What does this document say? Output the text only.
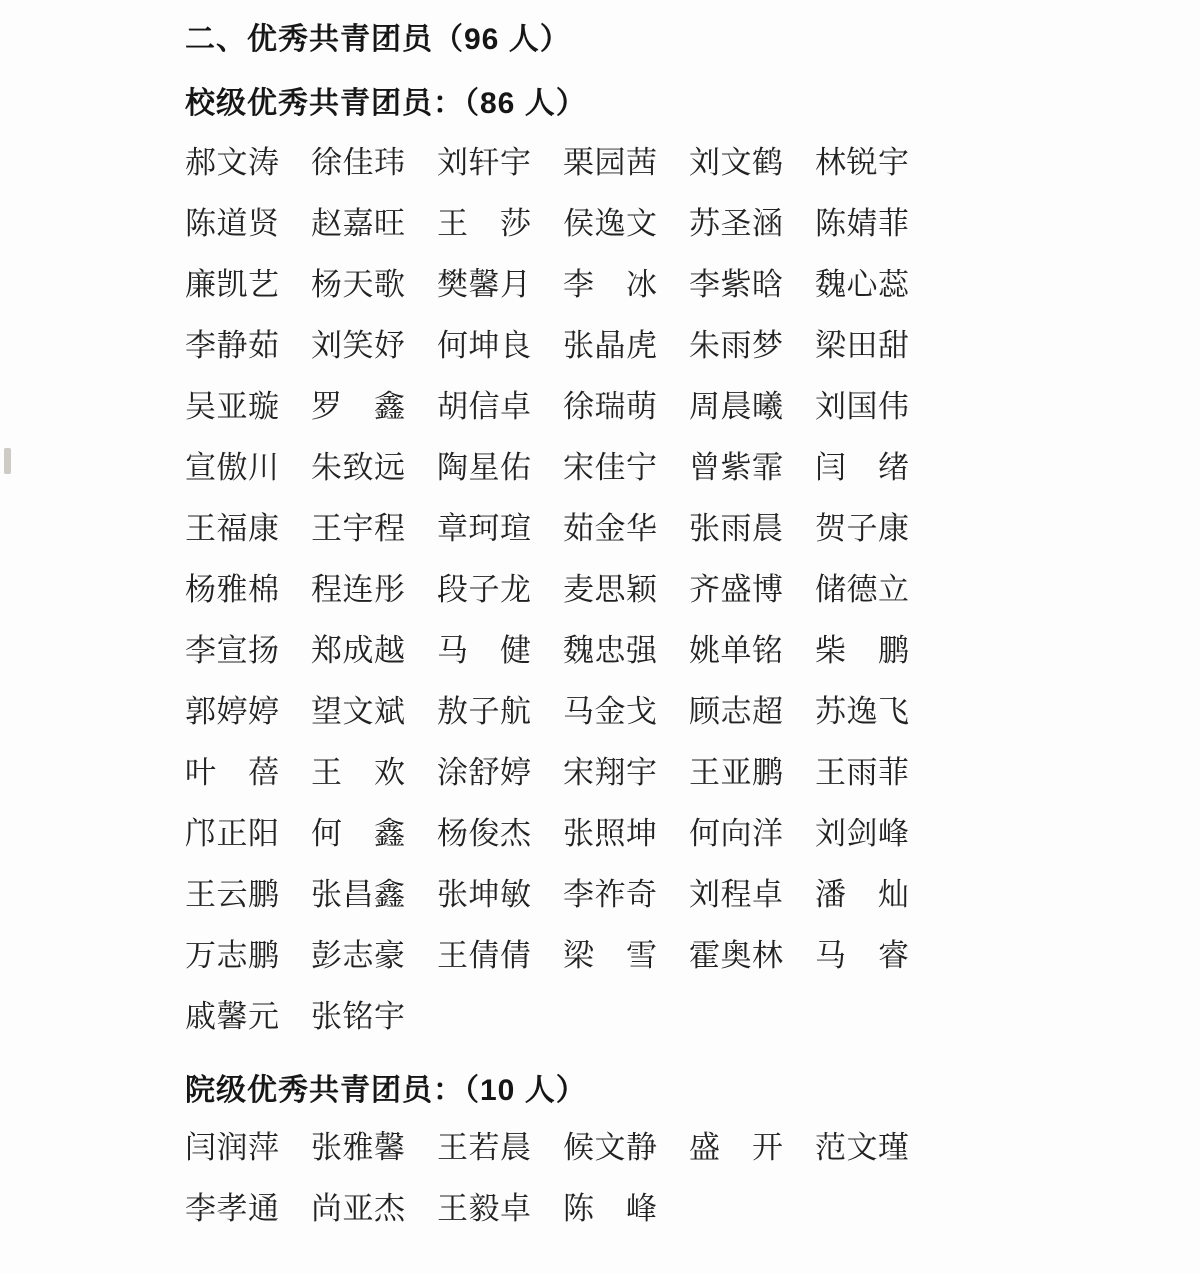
二、优秀共青团员（96 人）
校级优秀共青团员：（86 人）
郝文涛 徐佳玮 刘轩宇 栗园茜 刘文鹤 林锐宇
陈道贤 赵嘉旺 王　莎 侯逸文 苏圣涵 陈婧菲
廉凯艺 杨天歌 樊馨月 李　冰 李紫晗 魏心蕊
李静茹 刘笑妤 何坤良 张晶虎 朱雨梦 梁田甜
吴亚璇 罗　鑫 胡信卓 徐瑞萌 周晨曦 刘国伟
宣傲川 朱致远 陶星佑 宋佳宁 曾紫霏 闫　绪
王福康 王宇程 章珂瑄 茹金华 张雨晨 贺子康
杨雅棉 程连彤 段子龙 麦思颖 齐盛博 储德立
李宣扬 郑成越 马　健 魏忠强 姚单铭 柴　鹏
郭婷婷 望文斌 敖子航 马金戈 顾志超 苏逸飞
叶　蓓 王　欢 涂舒婷 宋翔宇 王亚鹏 王雨菲
邝正阳 何　鑫 杨俊杰 张照坤 何向洋 刘剑峰
王云鹏 张昌鑫 张坤敏 李祚奇 刘程卓 潘　灿
万志鹏 彭志豪 王倩倩 梁　雪 霍奥林 马　睿
戚馨元 张铭宇
院级优秀共青团员：（10 人）
闫润萍 张雅馨 王若晨 候文静 盛　开 范文瑾
李孝通 尚亚杰 王毅卓 陈　峰
